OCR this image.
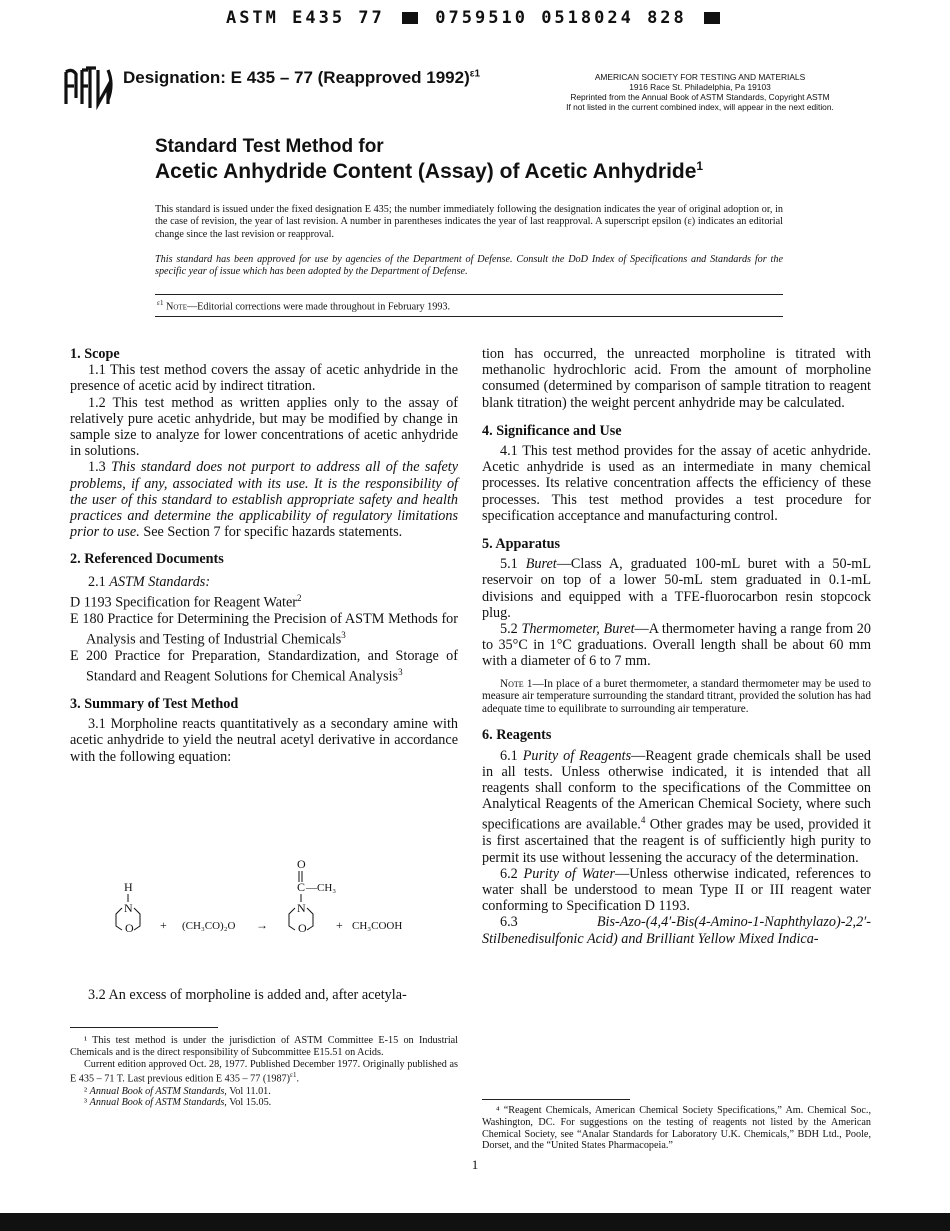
ASTM E435 77	0759510 0518024 828
Designation: E 435 – 77 (Reapproved 1992)$^{\varepsilon 1}$	AMERICAN SOCIETY FOR TESTING AND MATERIALS
1916 Race St. Philadelphia, Pa 19103
Reprinted from the Annual Book of ASTM Standards, Copyright ASTM
If not listed in the current combined index, will appear in the next edition.
Standard Test Method for
Acetic Anhydride Content (Assay) of Acetic Anhydride$^1$
This standard is issued under the fixed designation E 435; the number immediately following the designation indicates the year of original adoption or, in the case of revision, the year of last revision. A number in parentheses indicates the year of last reapproval. A superscript epsilon (ε) indicates an editorial change since the last revision or reapproval.
This standard has been approved for use by agencies of the Department of Defense. Consult the DoD Index of Specifications and Standards for the specific year of issue which has been adopted by the Department of Defense.
$^{\varepsilon 1}$ Note—Editorial corrections were made throughout in February 1993.

1. Scope

1.1 This test method covers the assay of acetic anhydride in the presence of acetic acid by indirect titration.

1.2 This test method as written applies only to the assay of relatively pure acetic anhydride, but may be modified by change in sample size to analyze for lower concentrations of acetic anhydride in solutions.

1.3 This standard does not purport to address all of the safety problems, if any, associated with its use. It is the responsibility of the user of this standard to establish appropriate safety and health practices and determine the applicability of regulatory limitations prior to use. See Section 7 for specific hazards statements.

2. Referenced Documents

2.1 ASTM Standards:

D 1193 Specification for Reagent Water$^2$

E 180 Practice for Determining the Precision of ASTM Methods for Analysis and Testing of Industrial Chemicals$^3$

E 200 Practice for Preparation, Standardization, and Storage of Standard and Reagent Solutions for Chemical Analysis$^3$

3. Summary of Test Method

3.1 Morpholine reacts quantitatively as a secondary amine with acetic anhydride to yield the neutral acetyl derivative in accordance with the following equation:

H
N
O + (CH₃CO)₂O →
O
C —CH₃
N
O + CH₃COOH

3.2 An excess of morpholine is added and, after acetyla-

¹ This test method is under the jurisdiction of ASTM Committee E-15 on Industrial Chemicals and is the direct responsibility of Subcommittee E15.51 on Acids.

Current edition approved Oct. 28, 1977. Published December 1977. Originally published as E 435 – 71 T. Last previous edition E 435 – 77 $(1987)^{\varepsilon 1}$.

² Annual Book of ASTM Standards, Vol 11.01.

³ Annual Book of ASTM Standards, Vol 15.05.

tion has occurred, the unreacted morpholine is titrated with methanolic hydrochloric acid. From the amount of morpholine consumed (determined by comparison of sample titration to reagent blank titration) the weight percent anhydride may be calculated.

4. Significance and Use

4.1 This test method provides for the assay of acetic anhydride. Acetic anhydride is used as an intermediate in many chemical processes. Its relative concentration affects the efficiency of these processes. This test method provides a test procedure for specification acceptance and manufacturing control.

5. Apparatus

5.1 Buret—Class A, graduated 100-mL buret with a 50-mL reservoir on top of a lower 50-mL stem graduated in 0.1-mL divisions and equipped with a TFE-fluorocarbon resin stopcock plug.

5.2 Thermometer, Buret—A thermometer having a range from 20 to 35°C in 1°C graduations. Overall length shall be about 60 mm with a diameter of 6 to 7 mm.

Note 1—In place of a buret thermometer, a standard thermometer may be used to measure air temperature surrounding the standard titrant, provided the solution has had adequate time to equilibrate to surrounding air temperature.

6. Reagents

6.1 Purity of Reagents—Reagent grade chemicals shall be used in all tests. Unless otherwise indicated, it is intended that all reagents shall conform to the specifications of the Committee on Analytical Reagents of the American Chemical Society, where such specifications are available.$^4$ Other grades may be used, provided it is first ascertained that the reagent is of sufficiently high purity to permit its use without lessening the accuracy of the determination.

6.2 Purity of Water—Unless otherwise indicated, references to water shall be understood to mean Type II or III reagent water conforming to Specification D 1193.

6.3	Bis-Azo-(4,4′-Bis(4-Amino-1-Naphthylazo)-2,2′-Stilbenedisulfonic Acid) and Brilliant Yellow Mixed Indica-

⁴ “Reagent Chemicals, American Chemical Society Specifications,” Am. Chemical Soc., Washington, DC. For suggestions on the testing of reagents not listed by the American Chemical Society, see “Analar Standards for Laboratory U.K. Chemicals,” BDH Ltd., Poole, Dorset, and the “United States Pharmacopeia.”

1
